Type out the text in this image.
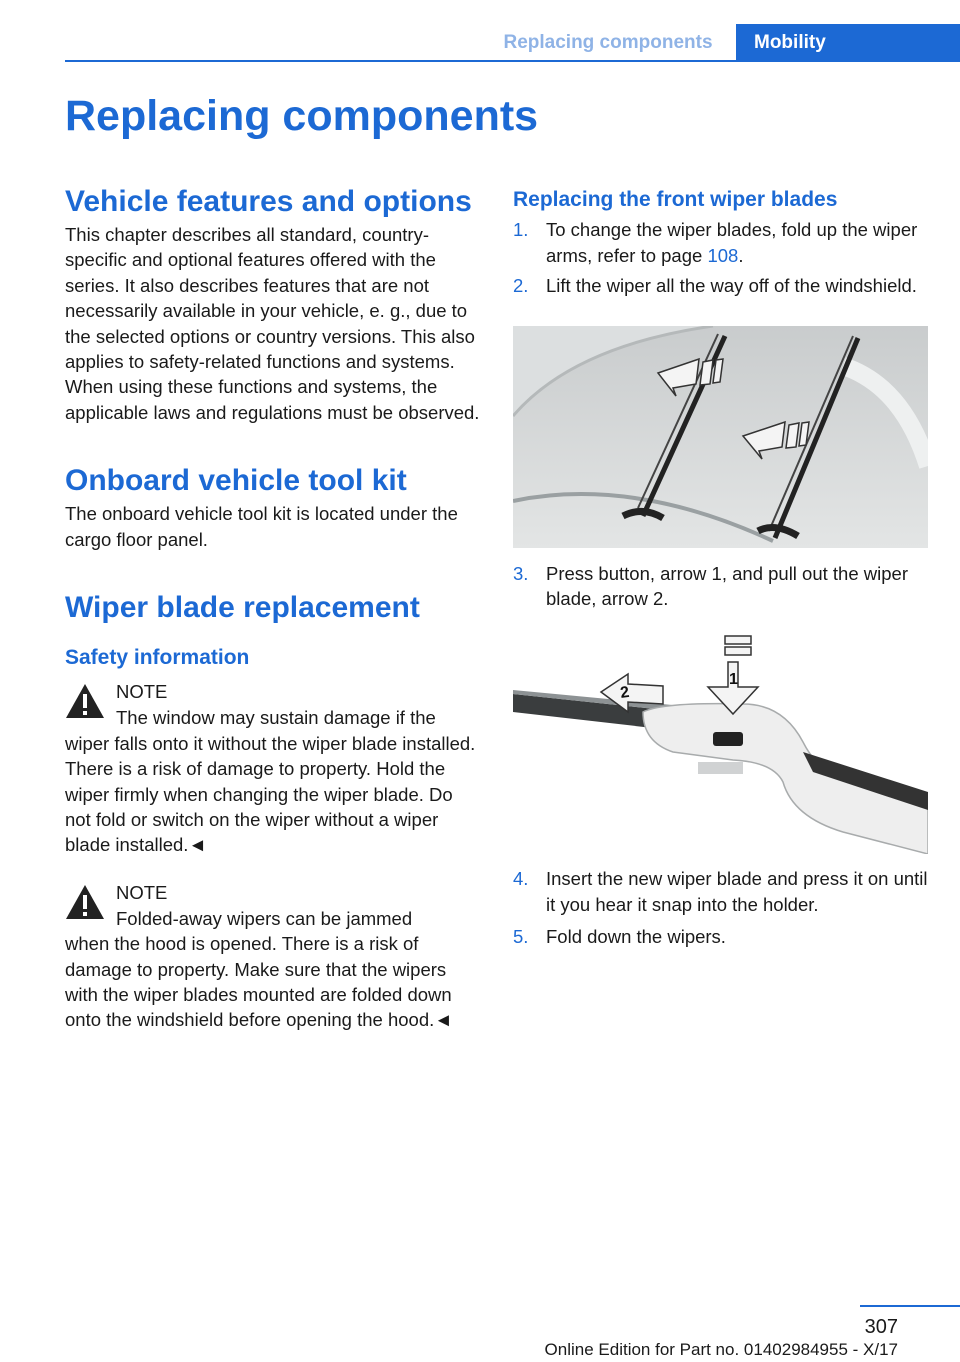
Replacing components	Mobility
Replacing components
Vehicle features and options

This chapter describes all standard, country-specific and optional features offered with the series. It also describes features that are not necessarily available in your vehicle, e. g., due to the selected options or country versions. This also applies to safety-related functions and systems. When using these functions and systems, the applicable laws and regulations must be observed.

Onboard vehicle tool kit

The onboard vehicle tool kit is located under the cargo floor panel.

Wiper blade replacement
Safety information
NOTE
The window may sustain damage if the

wiper falls onto it without the wiper blade installed. There is a risk of damage to property. Hold the wiper firmly when changing the wiper blade. Do not fold or switch on the wiper without a wiper blade installed.◄

NOTE
Folded-away wipers can be jammed

when the hood is opened. There is a risk of damage to property. Make sure that the wipers with the wiper blades mounted are folded down onto the windshield before opening the hood.◄

Replacing the front wiper blades
1. To change the wiper blades, fold up the wiper arms, refer to page 108.
2. Lift the wiper all the way off of the windshield.
3. Press button, arrow 1, and pull out the wiper blade, arrow 2.
2
1
4. Insert the new wiper blade and press it on until it you hear it snap into the holder.
5. Fold down the wipers.
307
Online Edition for Part no. 01402984955 - X/17
